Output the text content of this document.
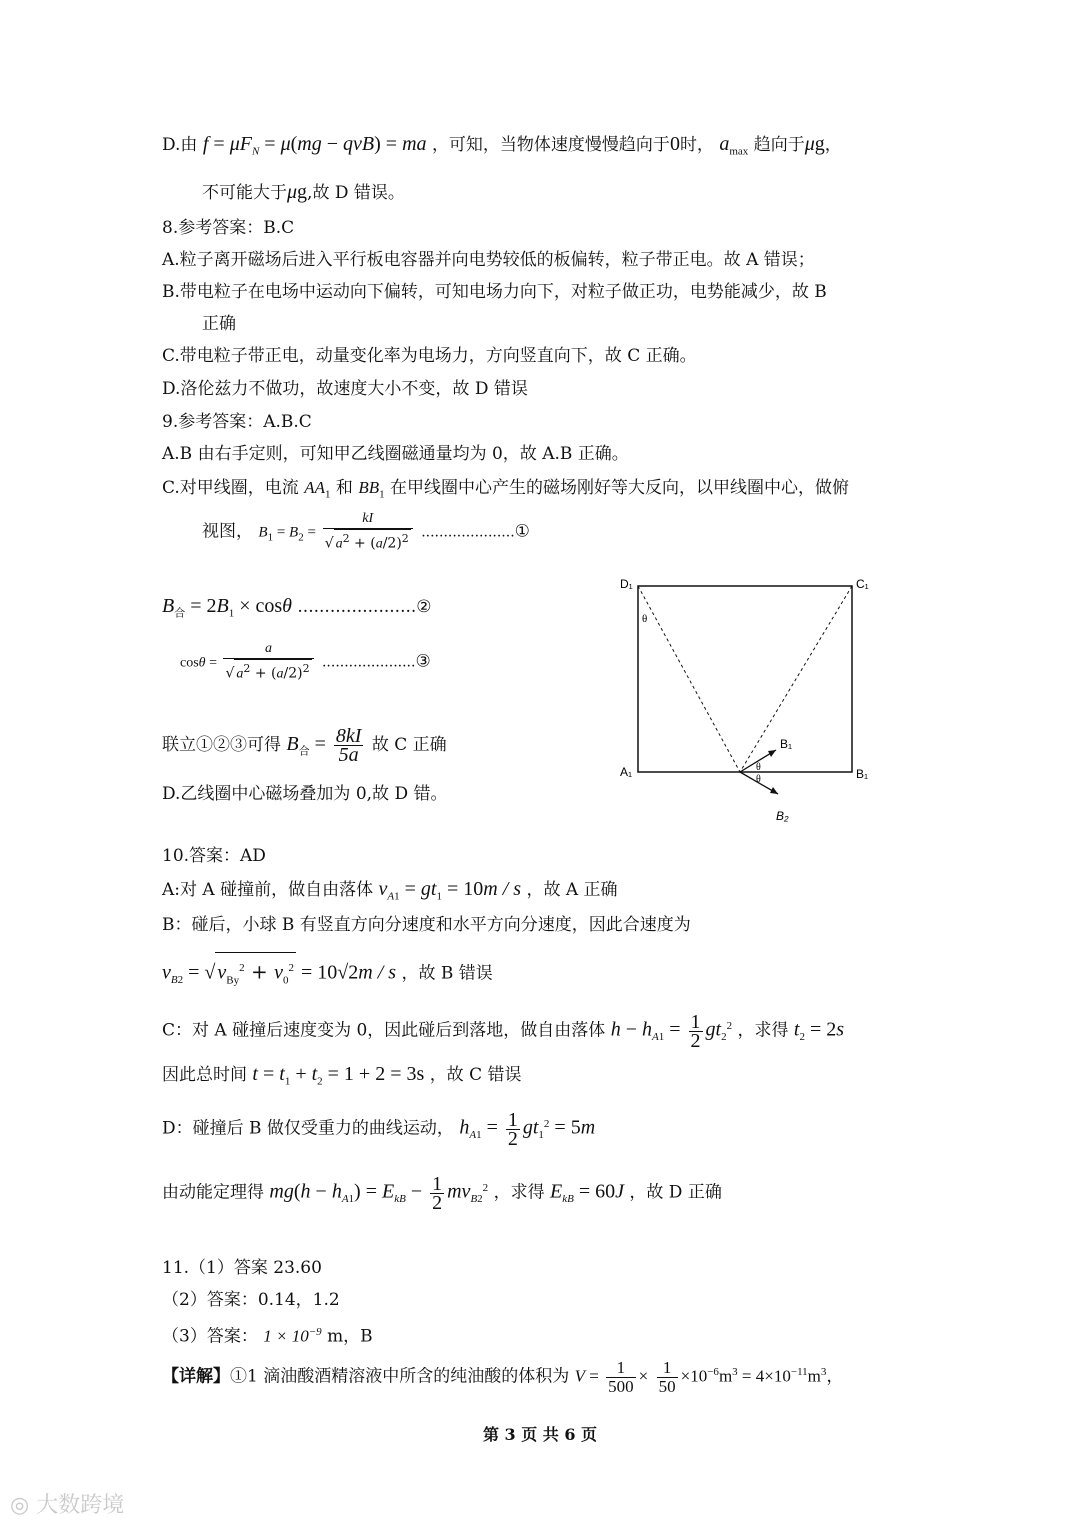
D.由 $f = \mu F_N = \mu(mg - qvB)$ = ma ，可知，当物体速度慢慢趋向于0时， $a_{max}$ 趋向于μg，
不可能大于μg,故 D 错误。
8.参考答案：B.C
A.粒子离开磁场后进入平行板电容器并向电势较低的板偏转，粒子带正电。故 A 错误；
B.带电粒子在电场中运动向下偏转，可知电场力向下，对粒子做正功，电势能减少，故 B
正确
C.带电粒子带正电，动量变化率为电场力，方向竖直向下，故 C 正确。
D.洛伦兹力不做功，故速度大小不变，故 D 错误
9.参考答案：A.B.C
A.B 由右手定则，可知甲乙线圈磁通量均为 0，故 A.B 正确。
C.对甲线圈，电流 $AA_1$ 和 $BB_1$ 在甲线圈中心产生的磁场刚好等大反向，以甲线圈中心，做俯
视图， $B_1 = B_2 = \frac{kI}{√ a^2 + (a/2)^2}$ .....................①
$B_合 = 2B_1 \times \cos\theta$ ......................②
$\cos\theta = \frac{a}{√ a^2 + (a/2)^2}$ .....................③
联立①②③可得 $B_合 = \frac{8kI}{5a}$ 故 C 正确
D.乙线圈中心磁场叠加为 0,故 D 错。
D₁	C₁
A₁	B₁
θ
θ
θ
B₁
B₂
10.答案：AD
A:对 A 碰撞前，做自由落体 $v_{A1} = gt_1 = 10m / s$ ，故 A 正确
B：碰后，小球 B 有竖直方向分速度和水平方向分速度，因此合速度为
$v_{B2}$ = √ $v_{By}^2 + v_0^2 = 10√2m / s$ ，故 B 错误
C：对 A 碰撞后速度变为 0，因此碰后到落地，做自由落体 $h - h_{A1} = \frac{1}{2} gt_2^2$ ，求得 $t_2 = 2s$
因此总时间 $t = t_1 + t_2 = 1 + 2 = 3s$ ，故 C 错误
D：碰撞后 B 做仅受重力的曲线运动， $h_{A1} = \frac{1}{2} gt_1^2 = 5m$
由动能定理得 $mg(h - h_{A1}) = E_{kB} - \frac{1}{2} mv_{B2}^2$ ，求得 $E_{kB} = 60J$ ，故 D 正确
11.（1）答案 23.60
（2）答案：0.14，1.2
（3）答案： $1 \times 10^{-9}$ m，B
【详解】①1 滴油酸酒精溶液中所含的纯油酸的体积为 $V = \frac{1}{500} \times \frac{1}{50} \times 10^{-6}m^3 = 4\times 10^{-11}m^3$，
第 3 页 共 6 页
◎ 大数跨境
